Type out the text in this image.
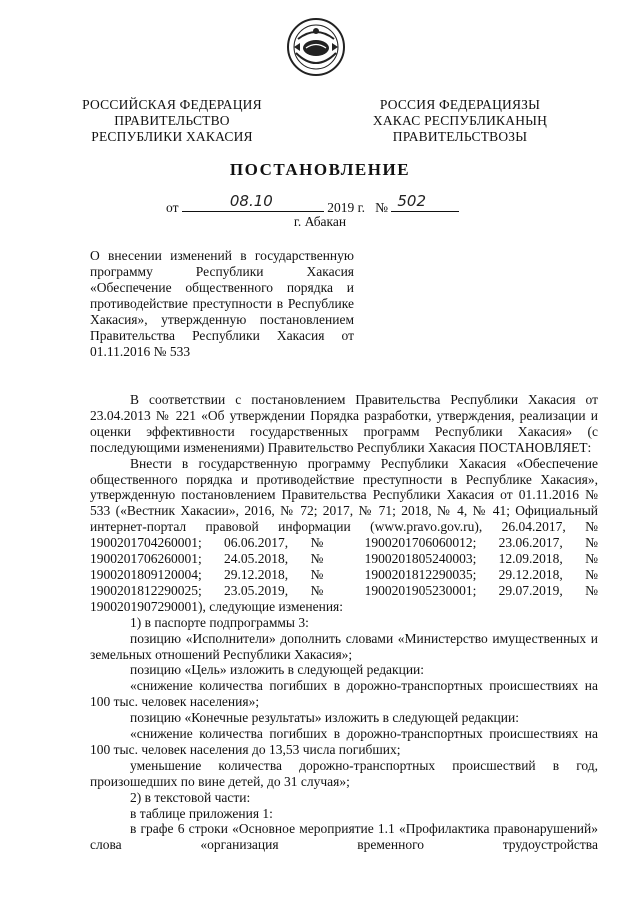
РОССИЙСКАЯ ФЕДЕРАЦИЯ
ПРАВИТЕЛЬСТВО
РЕСПУБЛИКИ ХАКАСИЯ
РОССИЯ ФЕДЕРАЦИЯЗЫ
ХАКАС РЕСПУБЛИКАНЫҢ
ПРАВИТЕЛЬСТВОЗЫ
ПОСТАНОВЛЕНИЕ
от	08.10	2019 г. № 502
г. Абакан
О внесении изменений в государственную программу Республики Хакасия «Обеспечение общественного порядка и противодействие преступности в Республике Хакасия», утвержденную постановлением Правительства Республики Хакасия от 01.11.2016 № 533

В соответствии с постановлением Правительства Республики Хакасия от 23.04.2013 № 221 «Об утверждении Порядка разработки, утверждения, реализации и оценки эффективности государственных программ Республики Хакасия» (с последующими изменениями) Правительство Республики Хакасия ПОСТАНОВЛЯЕТ:

Внести в государственную программу Республики Хакасия «Обеспечение общественного порядка и противодействие преступности в Республике Хакасия», утвержденную постановлением Правительства Республики Хакасия от 01.11.2016 № 533 («Вестник Хакасии», 2016, № 72; 2017, № 71; 2018, № 4, № 41; Официальный интернет-портал правовой информации (www.pravo.gov.ru), 26.04.2017, № 1900201704260001; 06.06.2017, № 1900201706060012; 23.06.2017, № 1900201706260001; 24.05.2018, № 1900201805240003; 12.09.2018, № 1900201809120004; 29.12.2018, № 1900201812290035; 29.12.2018, № 1900201812290025; 23.05.2019, № 1900201905230001; 29.07.2019, № 1900201907290001), следующие изменения:

1) в паспорте подпрограммы 3:

позицию «Исполнители» дополнить словами «Министерство имущественных и земельных отношений Республики Хакасия»;

позицию «Цель» изложить в следующей редакции:

«снижение количества погибших в дорожно-транспортных происшествиях на 100 тыс. человек населения»;

позицию «Конечные результаты» изложить в следующей редакции:

«снижение количества погибших в дорожно-транспортных происшествиях на 100 тыс. человек населения до 13,53 числа погибших;

уменьшение количества дорожно-транспортных происшествий в год, произошедших по вине детей, до 31 случая»;

2) в текстовой части:

в таблице приложения 1:

в графе 6 строки «Основное мероприятие 1.1 «Профилактика правонарушений» слова «организация временного трудоустройства
